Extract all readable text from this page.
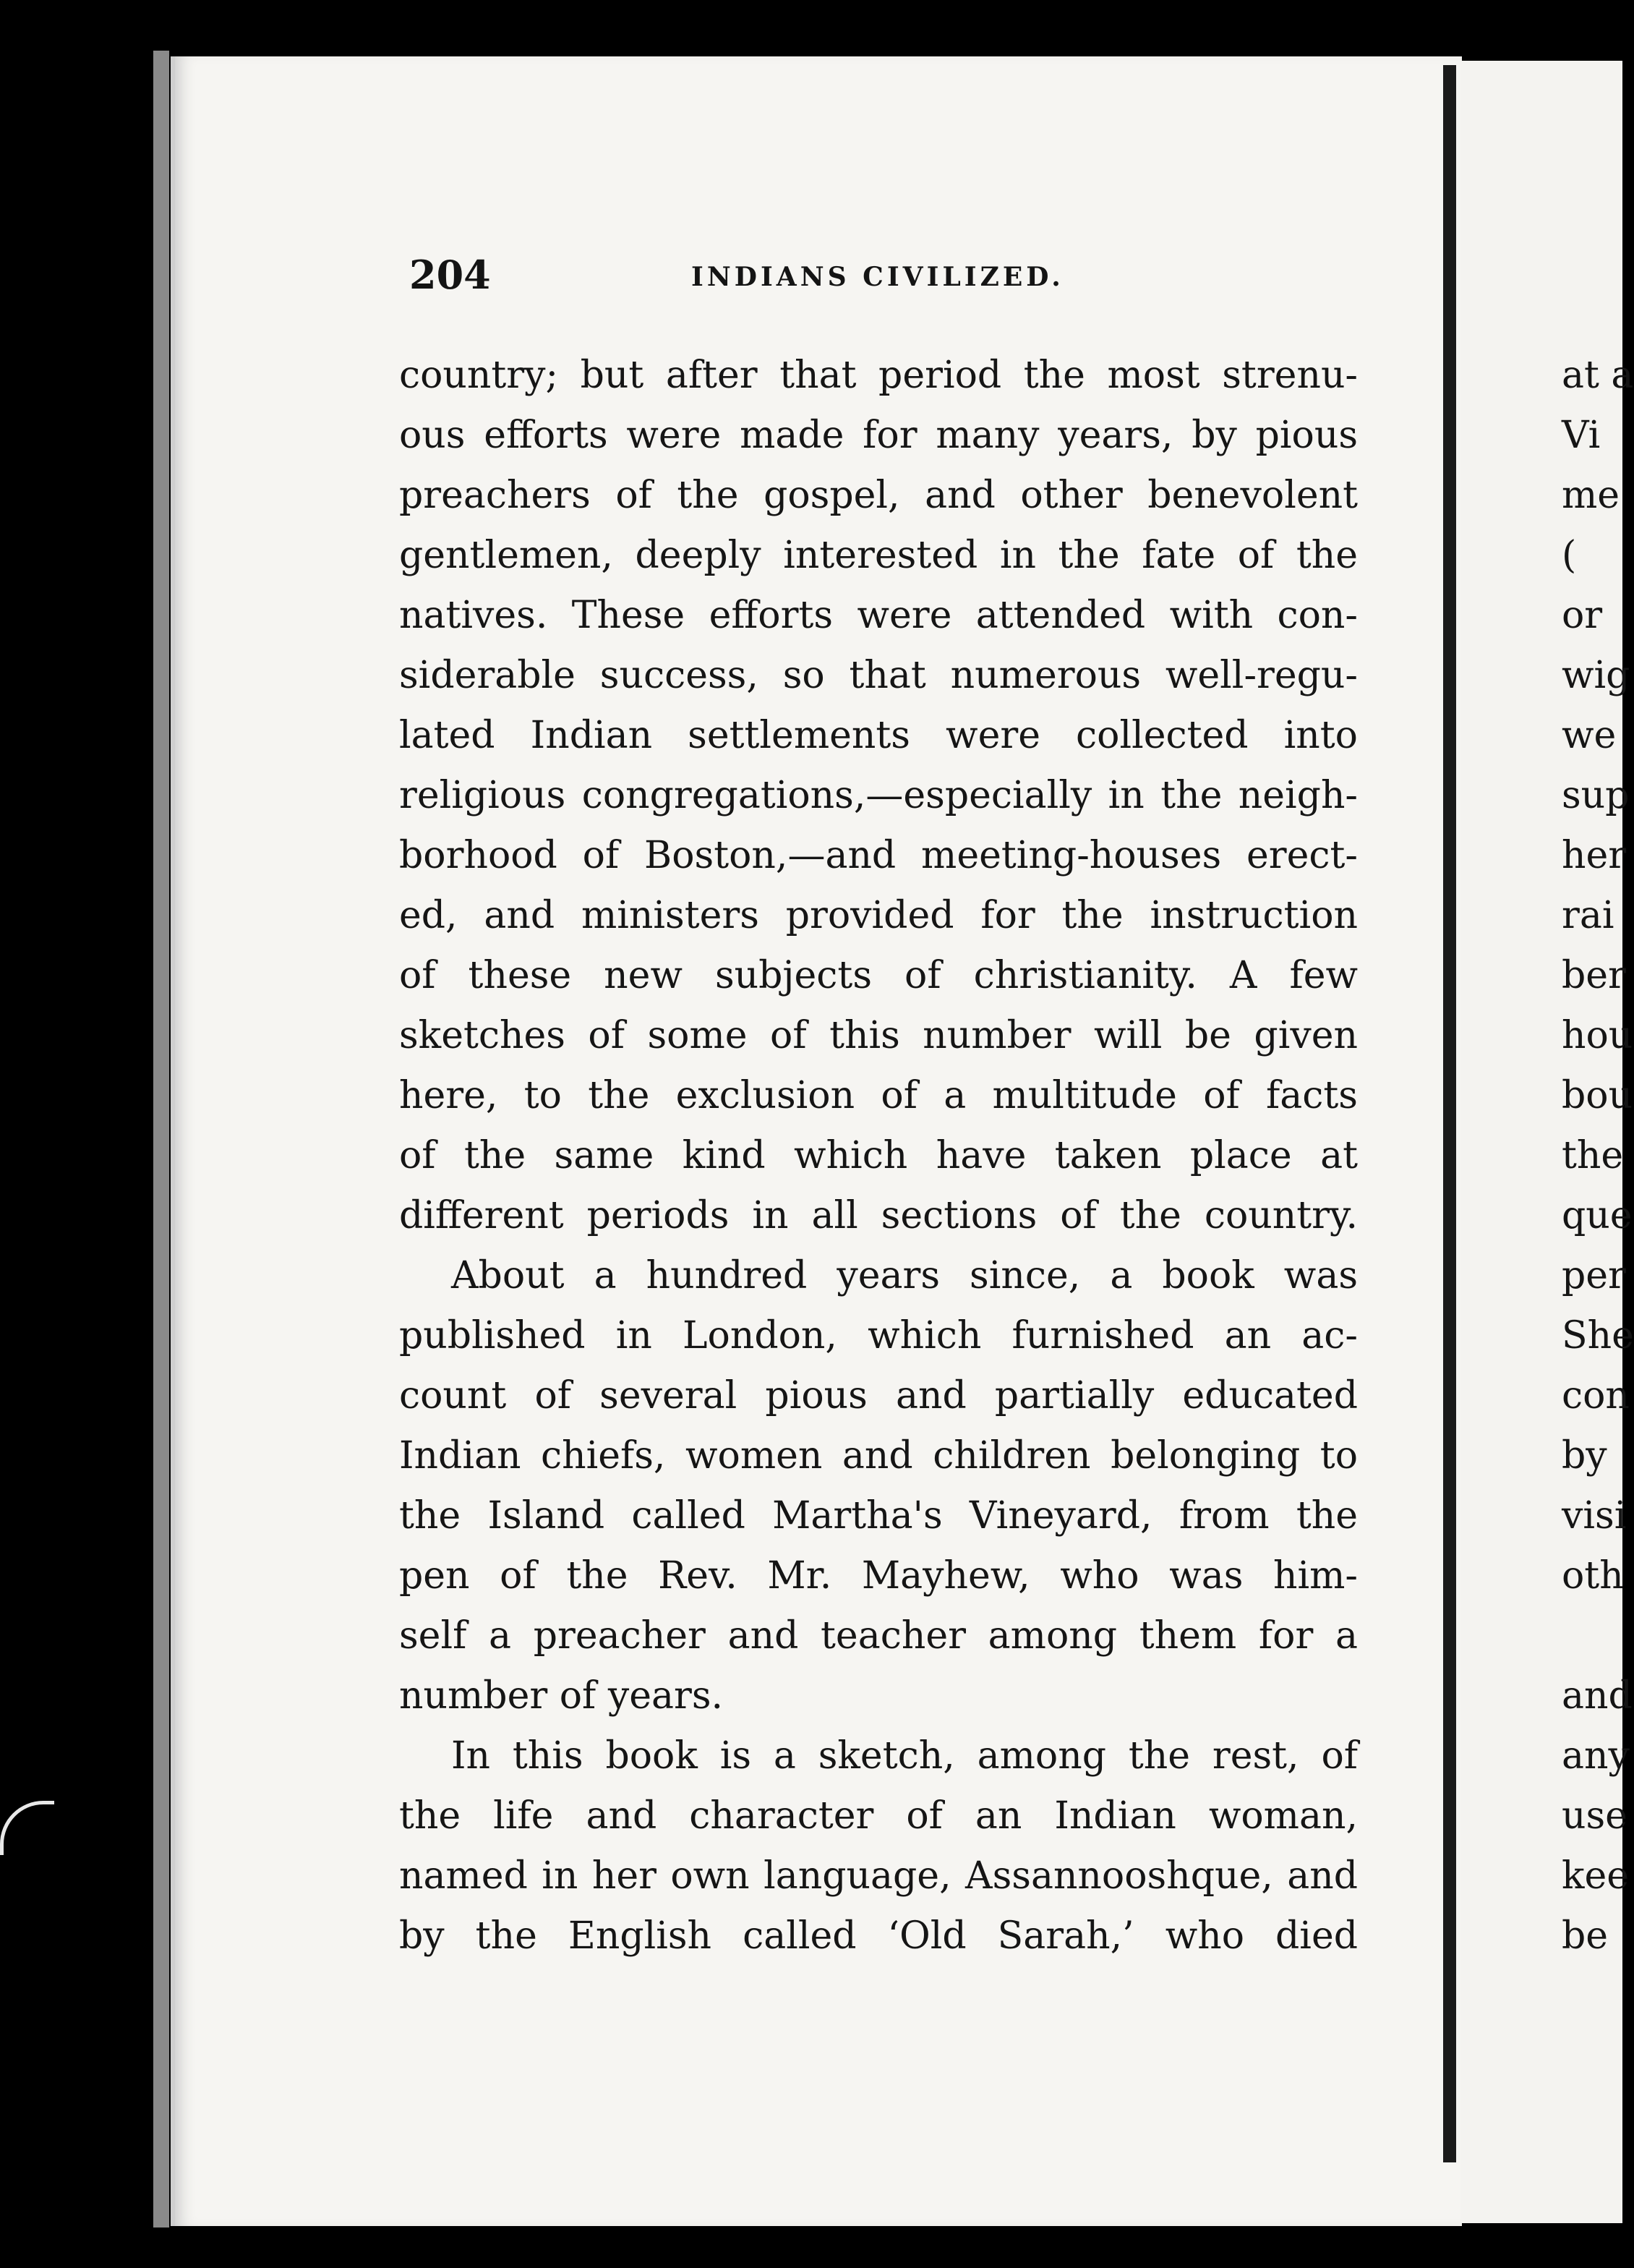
204	INDIANS CIVILIZED.
country; but after that period the most strenu-
ous efforts were made for many years, by pious
preachers of the gospel, and other benevolent
gentlemen, deeply interested in the fate of the
natives. These efforts were attended with con-
siderable success, so that numerous well-regu-
lated Indian settlements were collected into
religious congregations,—especially in the neigh-
borhood of Boston,—and meeting-houses erect-
ed, and ministers provided for the instruction
of these new subjects of christianity. A few
sketches of some of this number will be given
here, to the exclusion of a multitude of facts
of the same kind which have taken place at
different periods in all sections of the country.
About a hundred years since, a book was
published in London, which furnished an ac-
count of several pious and partially educated
Indian chiefs, women and children belonging to
the Island called Martha's Vineyard, from the
pen of the Rev. Mr. Mayhew, who was him-
self a preacher and teacher among them for a
number of years.
In this book is a sketch, among the rest, of
the life and character of an Indian woman,
named in her own language, Assannooshque, and
by the English called ‘Old Sarah,’ who died
at a
Vi
me
(
or
wig
we
sup
her
rai
ber
hou
bou
the
que
per
She
con
by
visi
oth
and
any
use
kee
be
